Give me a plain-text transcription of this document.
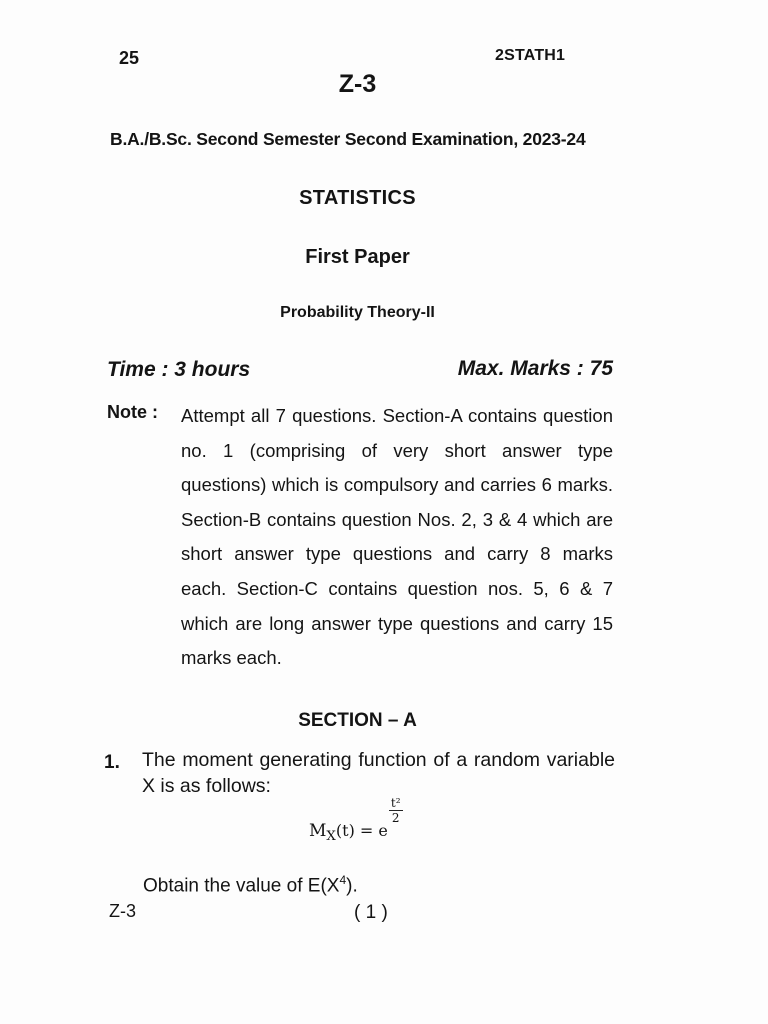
25	2STATH1
Z-3
B.A./B.Sc. Second Semester Second Examination, 2023-24
STATISTICS
First Paper
Probability Theory-II
Time : 3 hours	Max. Marks : 75
Note : Attempt all 7 questions. Section-A contains question no. 1 (comprising of very short answer type questions) which is compulsory and carries 6 marks. Section-B contains question Nos. 2, 3 & 4 which are short answer type questions and carry 8 marks each. Section-C contains question nos. 5, 6 & 7 which are long answer type questions and carry 15 marks each.
SECTION – A
1. The moment generating function of a random variable X is as follows:
$M_X(t) = e$
$\frac{\text{t²}}{2}$
Obtain the value of $E(X^4)$.
Z-3	( 1 )
